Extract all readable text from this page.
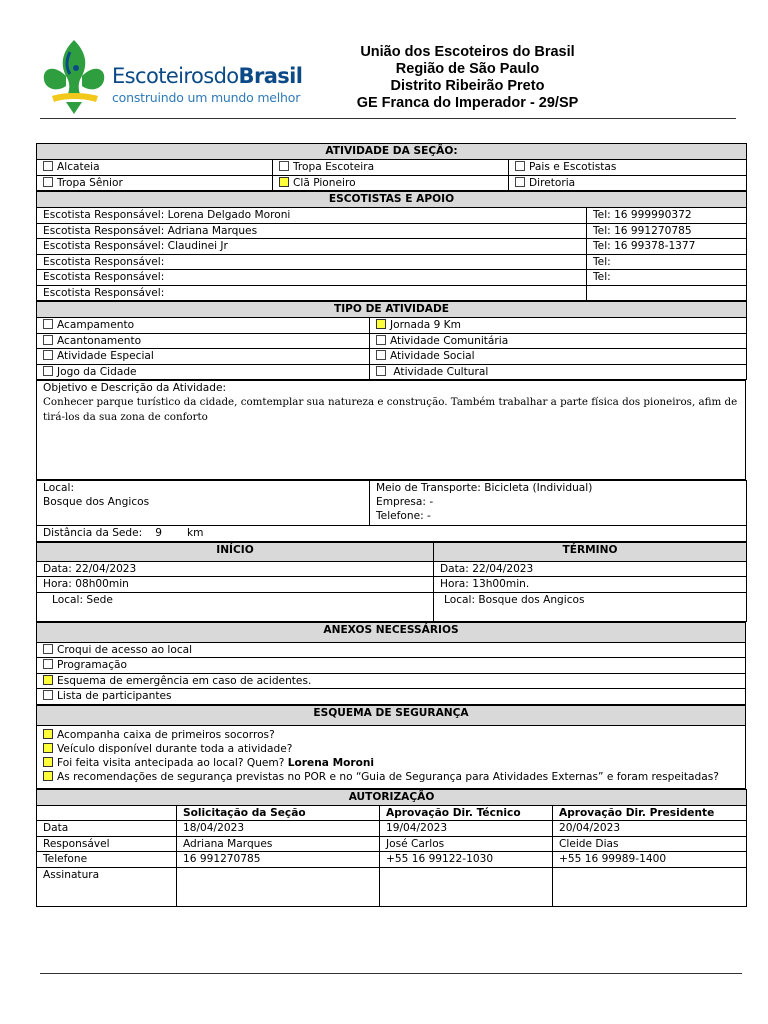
EscoteirosdoBrasil
construindo um mundo melhor
União dos Escoteiros do Brasil
Região de São Paulo
Distrito Ribeirão Preto
GE Franca do Imperador - 29/SP
ATIVIDADE DA SEÇÃO:		
Alcateia	Tropa Escoteira	Pais e Escotistas
Tropa Sênior	Clã Pioneiro	Diretoria
ESCOTISTAS E APOIO	
Escotista Responsável: Lorena Delgado Moroni	Tel: 16 999990372
Escotista Responsável: Adriana Marques	Tel: 16 991270785
Escotista Responsável: Claudinei Jr	Tel: 16 99378-1377
Escotista Responsável:	Tel:
Escotista Responsável:	Tel:
Escotista Responsável:	
TIPO DE ATIVIDADE	
Acampamento	Jornada 9 Km
Acantonamento	Atividade Comunitária
Atividade Especial	Atividade Social
Jogo da Cidade	Atividade Cultural
Objetivo e Descrição da Atividade:
Conhecer parque turístico da cidade, comtemplar sua natureza e construção. Também trabalhar a parte física dos pioneiros, afim de tirá-los da sua zona de conforto
Local:
Bosque dos Angicos

Meio de Transporte: Bicicleta (Individual)
Empresa: -
Telefone: -

Distância da Sede: 9 km
INÍCIO	TÉRMINO
Data: 22/04/2023	Data: 22/04/2023
Hora: 08h00min	Hora: 13h00min.
Local: Sede	Local: Bosque dos Angicos
ANEXOS NECESSÁRIOS
Croqui de acesso ao local
Programação
Esquema de emergência em caso de acidentes.
Lista de participantes
ESQUEMA DE SEGURANÇA

Acompanha caixa de primeiros socorros?
Veículo disponível durante toda a atividade?
Foi feita visita antecipada ao local? Quem? Lorena Moroni
As recomendações de segurança previstas no POR e no “Guia de Segurança para Atividades Externas” e foram respeitadas?
AUTORIZAÇÃO			
	Solicitação da Seção	Aprovação Dir. Técnico	Aprovação Dir. Presidente
Data	18/04/2023	19/04/2023	20/04/2023
Responsável	Adriana Marques	José Carlos	Cleide Dias
Telefone	16 991270785	+55 16 99122-1030	+55 16 99989-1400
Assinatura			
